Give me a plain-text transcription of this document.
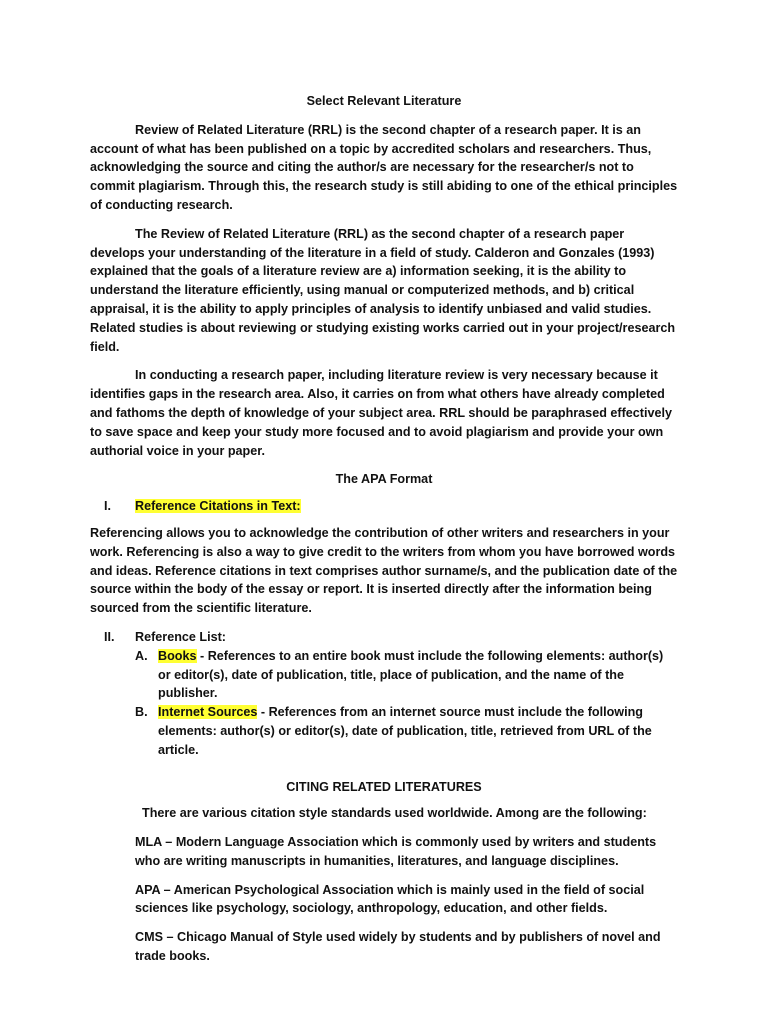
Select Relevant Literature
Review of Related Literature (RRL) is the second chapter of a research paper. It is an account of what has been published on a topic by accredited scholars and researchers. Thus, acknowledging the source and citing the author/s are necessary for the researcher/s not to commit plagiarism. Through this, the research study is still abiding to one of the ethical principles of conducting research.
The Review of Related Literature (RRL) as the second chapter of a research paper develops your understanding of the literature in a field of study. Calderon and Gonzales (1993) explained that the goals of a literature review are a) information seeking, it is the ability to understand the literature efficiently, using manual or computerized methods, and b) critical appraisal, it is the ability to apply principles of analysis to identify unbiased and valid studies. Related studies is about reviewing or studying existing works carried out in your project/research field.
In conducting a research paper, including literature review is very necessary because it identifies gaps in the research area. Also, it carries on from what others have already completed and fathoms the depth of knowledge of your subject area. RRL should be paraphrased effectively to save space and keep your study more focused and to avoid plagiarism and provide your own authorial voice in your paper.
The APA Format
I.	Reference Citations in Text:
Referencing allows you to acknowledge the contribution of other writers and researchers in your work. Referencing is also a way to give credit to the writers from whom you have borrowed words and ideas. Reference citations in text comprises author surname/s, and the publication date of the source within the body of the essay or report. It is inserted directly after the information being sourced from the scientific literature.
II.	Reference List:
A. Books - References to an entire book must include the following elements: author(s) or editor(s), date of publication, title, place of publication, and the name of the publisher.
B. Internet Sources - References from an internet source must include the following elements: author(s) or editor(s), date of publication, title, retrieved from URL of the article.
CITING RELATED LITERATURES
There are various citation style standards used worldwide. Among are the following:
MLA – Modern Language Association which is commonly used by writers and students who are writing manuscripts in humanities, literatures, and language disciplines.
APA – American Psychological Association which is mainly used in the field of social sciences like psychology, sociology, anthropology, education, and other fields.
CMS – Chicago Manual of Style used widely by students and by publishers of novel and trade books.
